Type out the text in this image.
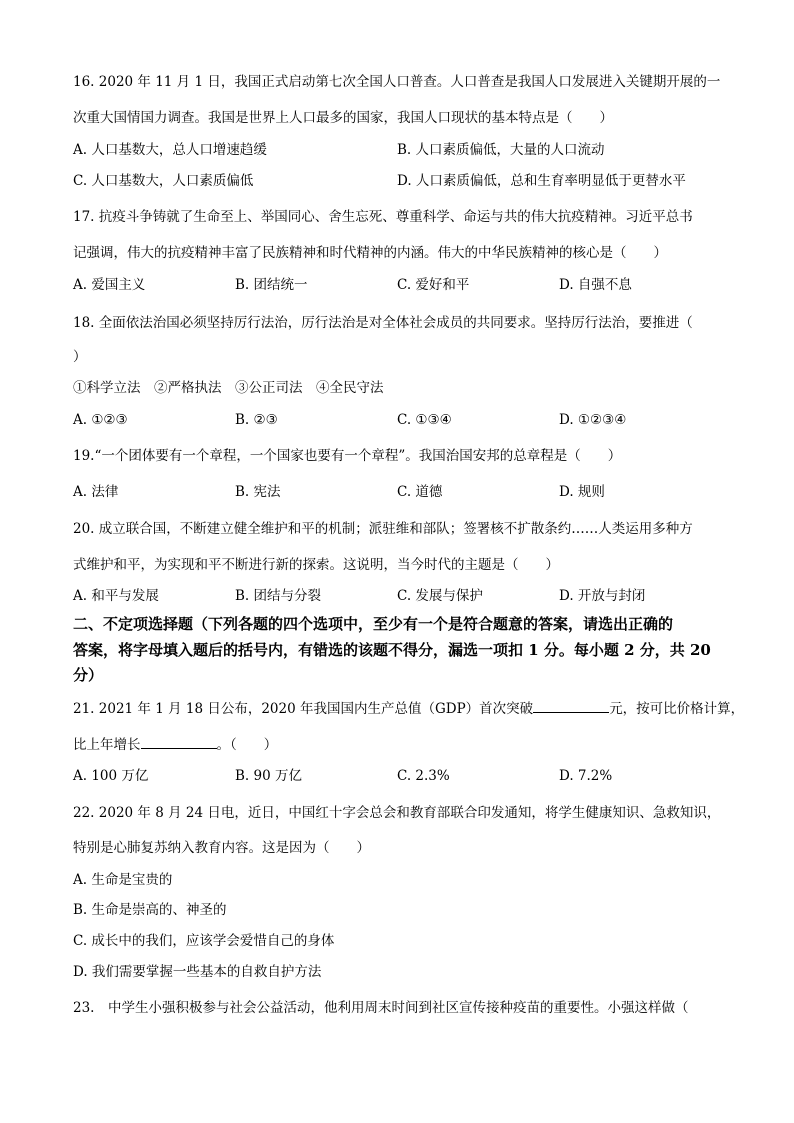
16. 2020 年 11 月 1 日，我国正式启动第七次全国人口普查。人口普查是我国人口发展进入关键期开展的一
次重大国情国力调查。我国是世界上人口最多的国家，我国人口现状的基本特点是（　　）
A. 人口基数大，总人口增速趋缓	B. 人口素质偏低，大量的人口流动
C. 人口基数大，人口素质偏低	D. 人口素质偏低，总和生育率明显低于更替水平
17. 抗疫斗争铸就了生命至上、举国同心、舍生忘死、尊重科学、命运与共的伟大抗疫精神。习近平总书
记强调，伟大的抗疫精神丰富了民族精神和时代精神的内涵。伟大的中华民族精神的核心是（　　）
A. 爱国主义	B. 团结统一	C. 爱好和平	D. 自强不息
18. 全面依法治国必须坚持厉行法治，厉行法治是对全体社会成员的共同要求。坚持厉行法治，要推进（
）
①科学立法　②严格执法　③公正司法　④全民守法
A. ①②③	B. ②③	C. ①③④	D. ①②③④
19.“一个团体要有一个章程，一个国家也要有一个章程”。我国治国安邦的总章程是（　　）
A. 法律	B. 宪法	C. 道德	D. 规则
20. 成立联合国，不断建立健全维护和平的机制；派驻维和部队；签署核不扩散条约……人类运用多种方
式维护和平，为实现和平不断进行新的探索。这说明，当今时代的主题是（　　）
A. 和平与发展	B. 团结与分裂	C. 发展与保护	D. 开放与封闭
二、不定项选择题（下列各题的四个选项中，至少有一个是符合题意的答案，请选出正确的
答案，将字母填入题后的括号内，有错选的该题不得分，漏选一项扣 1 分。每小题 2 分，共 20
分）
21. 2021 年 1 月 18 日公布，2020 年我国国内生产总值（GDP）首次突破	元，按可比价格计算，
比上年增长	。（　　）
A. 100 万亿	B. 90 万亿	C. 2.3%	D. 7.2%
22. 2020 年 8 月 24 日电，近日，中国红十字会总会和教育部联合印发通知，将学生健康知识、急救知识，
特别是心肺复苏纳入教育内容。这是因为（　　）
A. 生命是宝贵的
B. 生命是崇高的、神圣的
C. 成长中的我们，应该学会爱惜自己的身体
D. 我们需要掌握一些基本的自救自护方法
23.　中学生小强积极参与社会公益活动，他利用周末时间到社区宣传接种疫苗的重要性。小强这样做（
